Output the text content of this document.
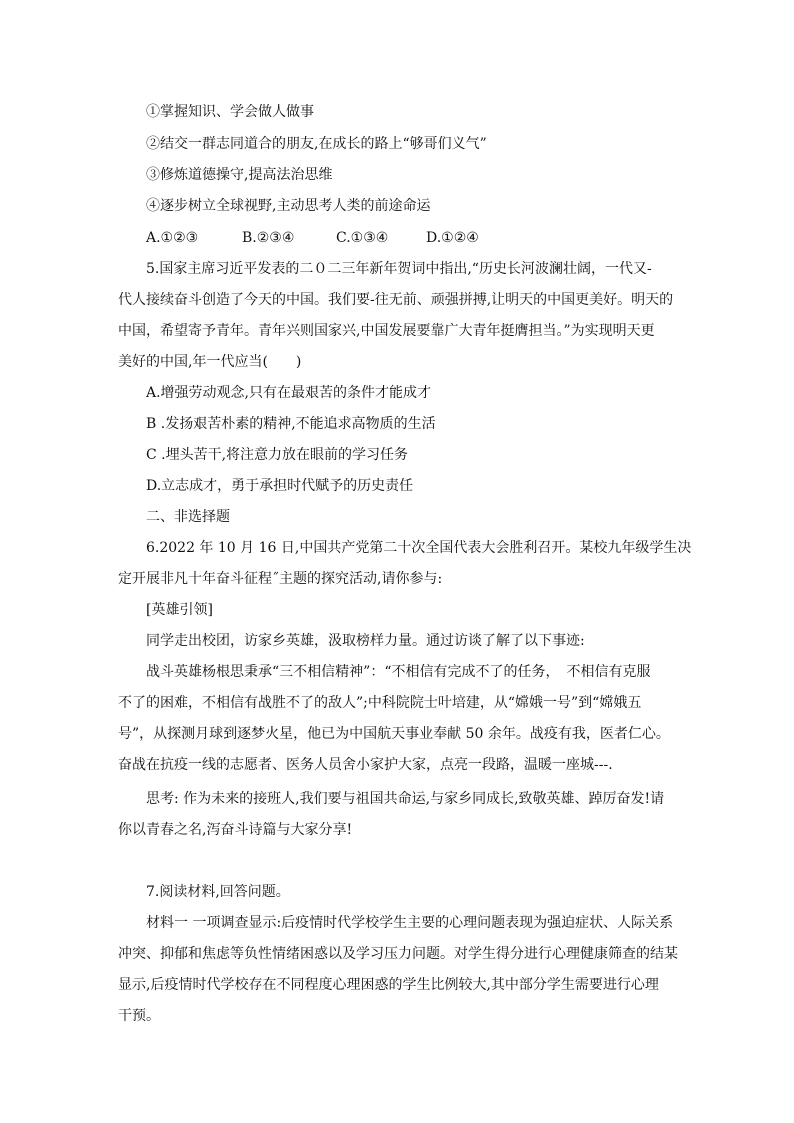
①掌握知识、学会做人做事
②结交一群志同道合的朋友,在成长的路上“够哥们义气”
③修炼道德操守,提高法治思维
④逐步树立全球视野,主动思考人类的前途命运
A.①②③	B.②③④	C.①③④	D.①②④
5.国家主席习近平发表的二０二三年新年贺词中指出,“历史长河波澜壮阔，一代又-
代人接续奋斗创造了今天的中国。我们要-往无前、顽强拼搏,让明天的中国更美好。明天的
中国，希望寄予青年。青年兴则国家兴,中国发展要靠广大青年挺膺担当。”为实现明天更
美好的中国,年一代应当(　　)
A.增强劳动观念,只有在最艰苦的条件才能成才
B .发扬艰苦朴素的精神,不能追求高物质的生活
C .埋头苦干,将注意力放在眼前的学习任务
D.立志成才，勇于承担时代赋予的历史责任
二、非选择题
6.2022 年 10 月 16 日,中国共产党第二十次全国代表大会胜利召开。某校九年级学生决
定开展非凡十年奋斗征程˝主题的探究活动,请你参与:
[英雄引领]
同学走出校团，访家乡英雄，汲取榜样力量。通过访谈了解了以下事迹:
战斗英雄杨根思秉承“三不相信精神”：“不相信有完成不了的任务，　不相信有克服
不了的困难，不相信有战胜不了的敌人”;中科院院士叶培建，从“嫦娥一号”到“嫦娥五
号”，从探测月球到逐梦火星，他已为中国航天事业奉献 50 余年。战疫有我，医者仁心。
奋战在抗疫一线的志愿者、医务人员舍小家护大家，点亮一段路，温暖一座城---.
思考: 作为未来的接班人,我们要与祖国共命运,与家乡同成长,致敬英雄、踔厉奋发!请
你以青春之名,泻奋斗诗篇与大家分享!
7.阅读材料,回答问题。
材料一 一项调查显示:后疫情时代学校学生主要的心理问题表现为强迫症状、人际关系
冲突、抑郁和焦虑等负性情绪困惑以及学习压力问题。对学生得分进行心理健康筛查的结某
显示,后疫情时代学校存在不同程度心理困惑的学生比例较大,其中部分学生需要进行心理
干预。
